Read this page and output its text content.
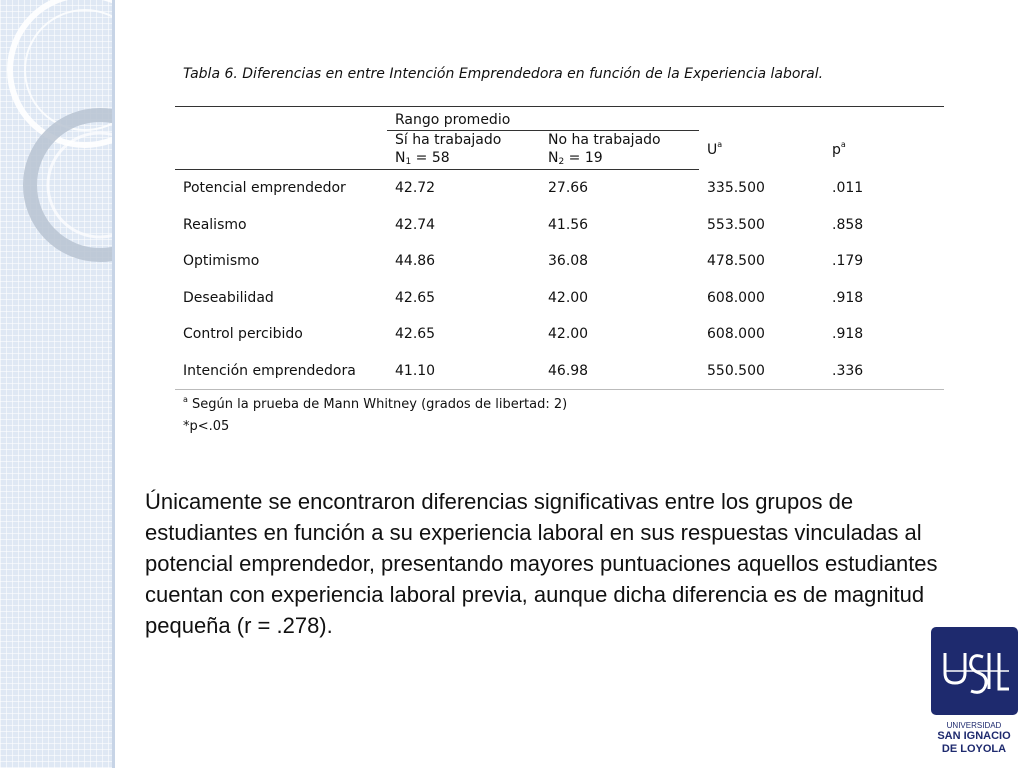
Tabla 6. Diferencias en entre Intención Emprendedora en función de la Experiencia laboral.

	Rango promedio			
	Sí ha trabajado	No ha trabajado	$U^a$	$p^a$
	N1 = 58	N2 = 19		
Potencial emprendedor	42.72	27.66	335.500	.011
Realismo	42.74	41.56	553.500	.858
Optimismo	44.86	36.08	478.500	.179
Deseabilidad	42.65	42.00	608.000	.918
Control percibido	42.65	42.00	608.000	.918
Intención emprendedora	41.10	46.98	550.500	.336
$^a$ Según la prueba de Mann Whitney (grados de libertad: 2)
*p<.05
Únicamente se encontraron diferencias significativas entre los grupos de estudiantes en función a su experiencia laboral en sus respuestas vinculadas al potencial emprendedor, presentando mayores puntuaciones aquellos estudiantes cuentan con experiencia laboral previa, aunque dicha diferencia es de magnitud pequeña (r = .278).
UNIVERSIDAD
SAN IGNACIO
DE LOYOLA
